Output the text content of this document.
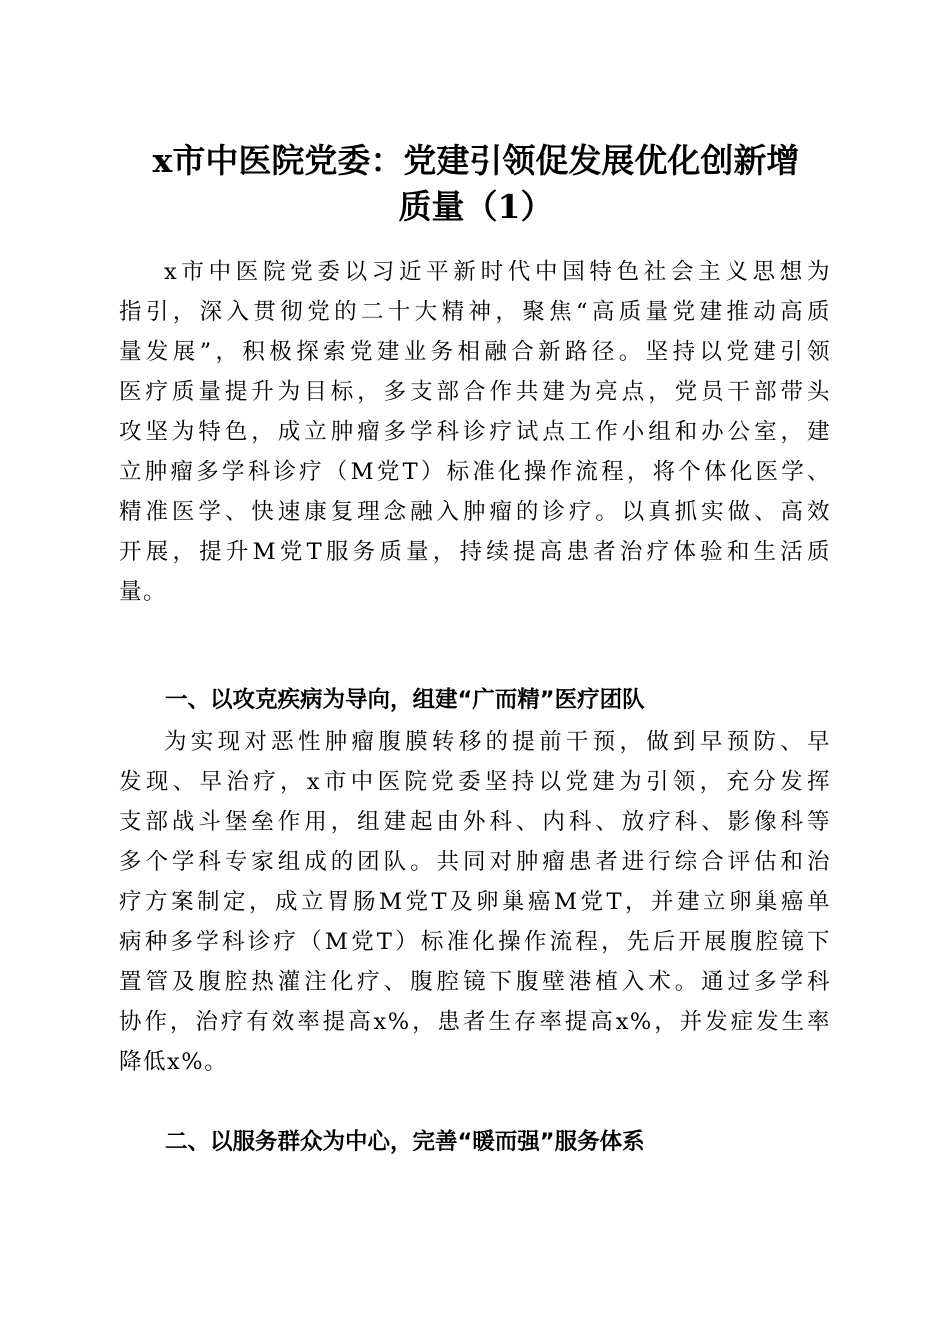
x市中医院党委：党建引领促发展优化创新增
质量（1）
x市中医院党委以习近平新时代中国特色社会主义思想为
指引，深入贯彻党的二十大精神，聚焦“高质量党建推动高质
量发展”，积极探索党建业务相融合新路径。坚持以党建引领
医疗质量提升为目标，多支部合作共建为亮点，党员干部带头
攻坚为特色，成立肿瘤多学科诊疗试点工作小组和办公室，建
立肿瘤多学科诊疗（M党T）标准化操作流程，将个体化医学、
精准医学、快速康复理念融入肿瘤的诊疗。以真抓实做、高效
开展，提升M党T服务质量，持续提高患者治疗体验和生活质
量。
一、以攻克疾病为导向，组建“广而精”医疗团队
为实现对恶性肿瘤腹膜转移的提前干预，做到早预防、早
发现、早治疗，x市中医院党委坚持以党建为引领，充分发挥
支部战斗堡垒作用，组建起由外科、内科、放疗科、影像科等
多个学科专家组成的团队。共同对肿瘤患者进行综合评估和治
疗方案制定，成立胃肠M党T及卵巢癌M党T，并建立卵巢癌单
病种多学科诊疗（M党T）标准化操作流程，先后开展腹腔镜下
置管及腹腔热灌注化疗、腹腔镜下腹壁港植入术。通过多学科
协作，治疗有效率提高x%，患者生存率提高x%，并发症发生率
降低x%。
二、以服务群众为中心，完善“暖而强”服务体系
